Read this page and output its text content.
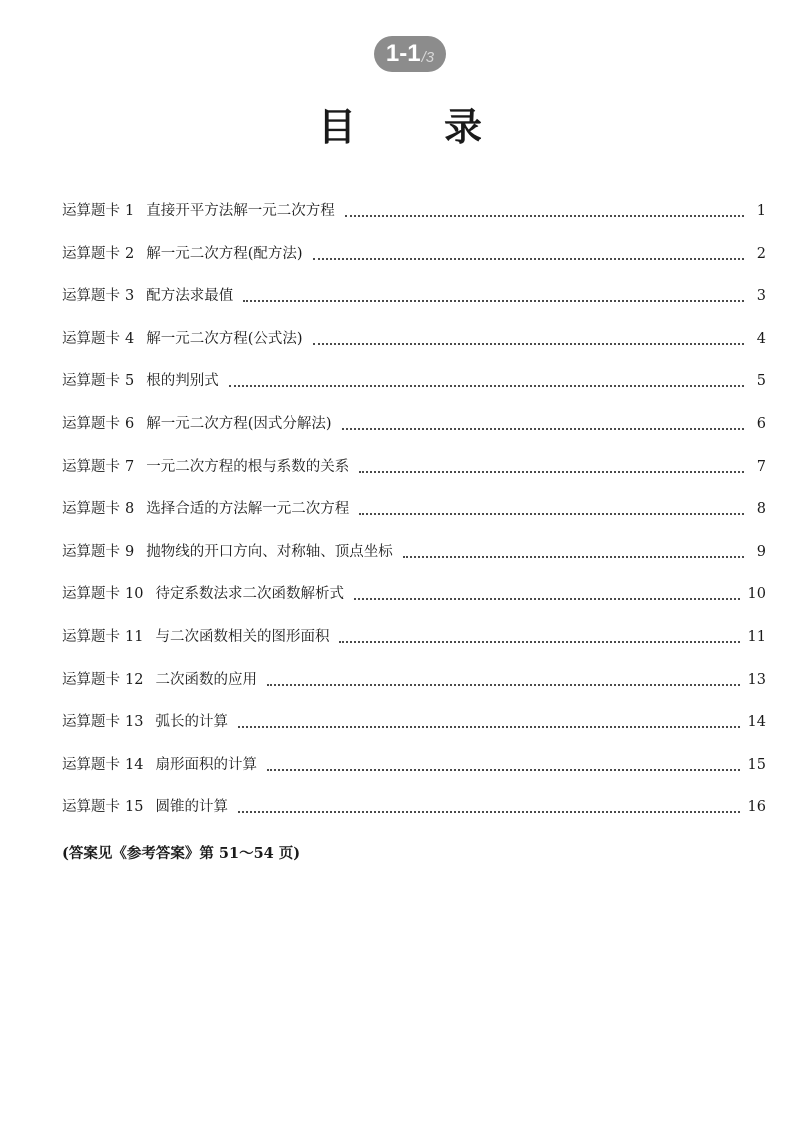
1-1 /3
目录
运算题卡 1 直接开平方法解一元二次方程	1
运算题卡 2 解一元二次方程(配方法)	2
运算题卡 3 配方法求最值	3
运算题卡 4 解一元二次方程(公式法)	4
运算题卡 5 根的判别式	5
运算题卡 6 解一元二次方程(因式分解法)	6
运算题卡 7 一元二次方程的根与系数的关系	7
运算题卡 8 选择合适的方法解一元二次方程	8
运算题卡 9 抛物线的开口方向、对称轴、顶点坐标	9
运算题卡 10 待定系数法求二次函数解析式	10
运算题卡 11 与二次函数相关的图形面积	11
运算题卡 12 二次函数的应用	13
运算题卡 13 弧长的计算	14
运算题卡 14 扇形面积的计算	15
运算题卡 15 圆锥的计算	16
(答案见《参考答案》第 51～54 页)
